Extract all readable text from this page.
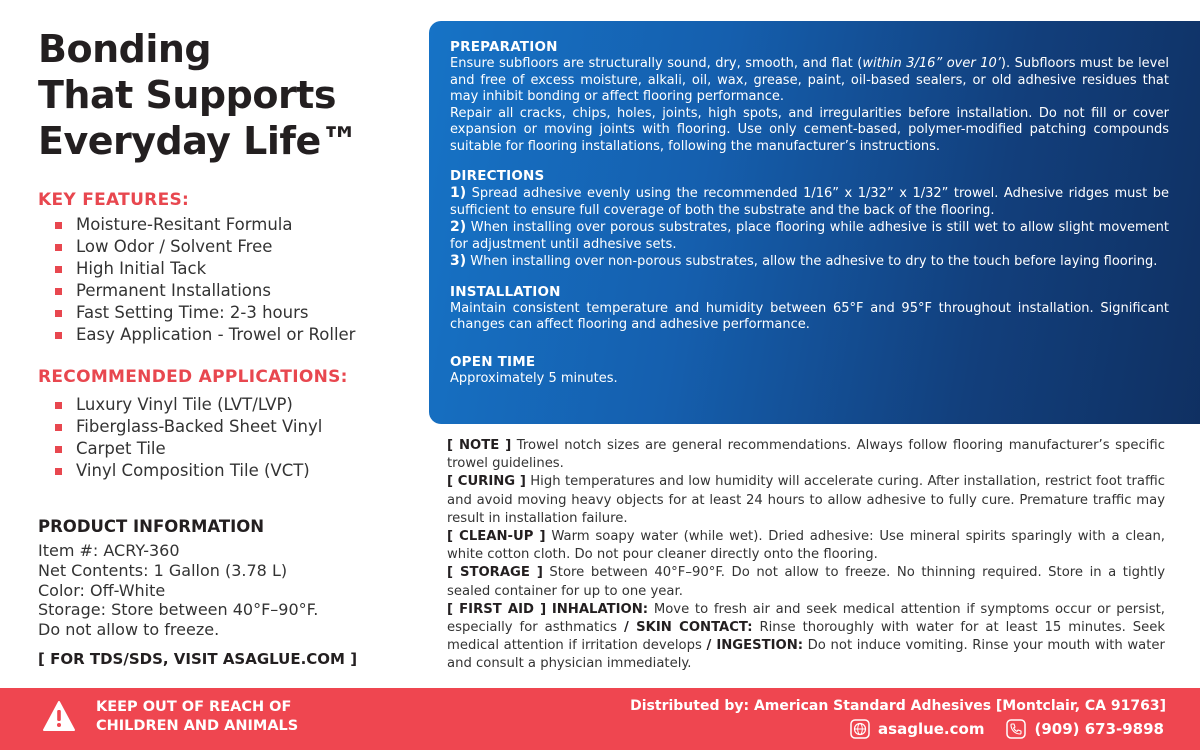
Bonding
That Supports
Everyday Life™
KEY FEATURES:
Moisture-Resitant Formula
Low Odor / Solvent Free
High Initial Tack
Permanent Installations
Fast Setting Time: 2-3 hours
Easy Application - Trowel or Roller
RECOMMENDED APPLICATIONS:
Luxury Vinyl Tile (LVT/LVP)
Fiberglass-Backed Sheet Vinyl
Carpet Tile
Vinyl Composition Tile (VCT)
PRODUCT INFORMATION
Item #: ACRY-360
Net Contents: 1 Gallon (3.78 L)
Color: Off-White
Storage: Store between 40°F–90°F.
Do not allow to freeze.
[ FOR TDS/SDS, VISIT ASAGLUE.COM ]
PREPARATION

Ensure subfloors are structurally sound, dry, smooth, and flat (within 3/16” over 10’). Subfloors must be level and free of excess moisture, alkali, oil, wax, grease, paint, oil-based sealers, or old adhesive residues that may inhibit bonding or affect flooring performance.

Repair all cracks, chips, holes, joints, high spots, and irregularities before installation. Do not fill or cover expansion or moving joints with flooring. Use only cement-based, polymer-modified patching compounds suitable for flooring installations, following the manufacturer’s instructions.

DIRECTIONS

1) Spread adhesive evenly using the recommended 1/16” x 1/32” x 1/32” trowel. Adhesive ridges must be sufficient to ensure full coverage of both the substrate and the back of the flooring.

2) When installing over porous substrates, place flooring while adhesive is still wet to allow slight movement for adjustment until adhesive sets.

3) When installing over non-porous substrates, allow the adhesive to dry to the touch before laying flooring.

INSTALLATION

Maintain consistent temperature and humidity between 65°F and 95°F throughout installation. Significant changes can affect flooring and adhesive performance.

OPEN TIME

Approximately 5 minutes.

[ NOTE ] Trowel notch sizes are general recommendations. Always follow flooring manufacturer’s specific trowel guidelines.

[ CURING ] High temperatures and low humidity will accelerate curing. After installation, restrict foot traffic and avoid moving heavy objects for at least 24 hours to allow adhesive to fully cure. Premature traffic may result in installation failure.

[ CLEAN-UP ] Warm soapy water (while wet). Dried adhesive: Use mineral spirits sparingly with a clean, white cotton cloth. Do not pour cleaner directly onto the flooring.

[ STORAGE ] Store between 40°F–90°F. Do not allow to freeze. No thinning required. Store in a tightly sealed container for up to one year.

[ FIRST AID ] INHALATION: Move to fresh air and seek medical attention if symptoms occur or persist, especially for asthmatics / SKIN CONTACT: Rinse thoroughly with water for at least 15 minutes. Seek medical attention if irritation develops / INGESTION: Do not induce vomiting. Rinse your mouth with water and consult a physician immediately.

KEEP OUT OF REACH OF
CHILDREN AND ANIMALS
Distributed by: American Standard Adhesives [Montclair, CA 91763]
asaglue.com	(909) 673-9898
